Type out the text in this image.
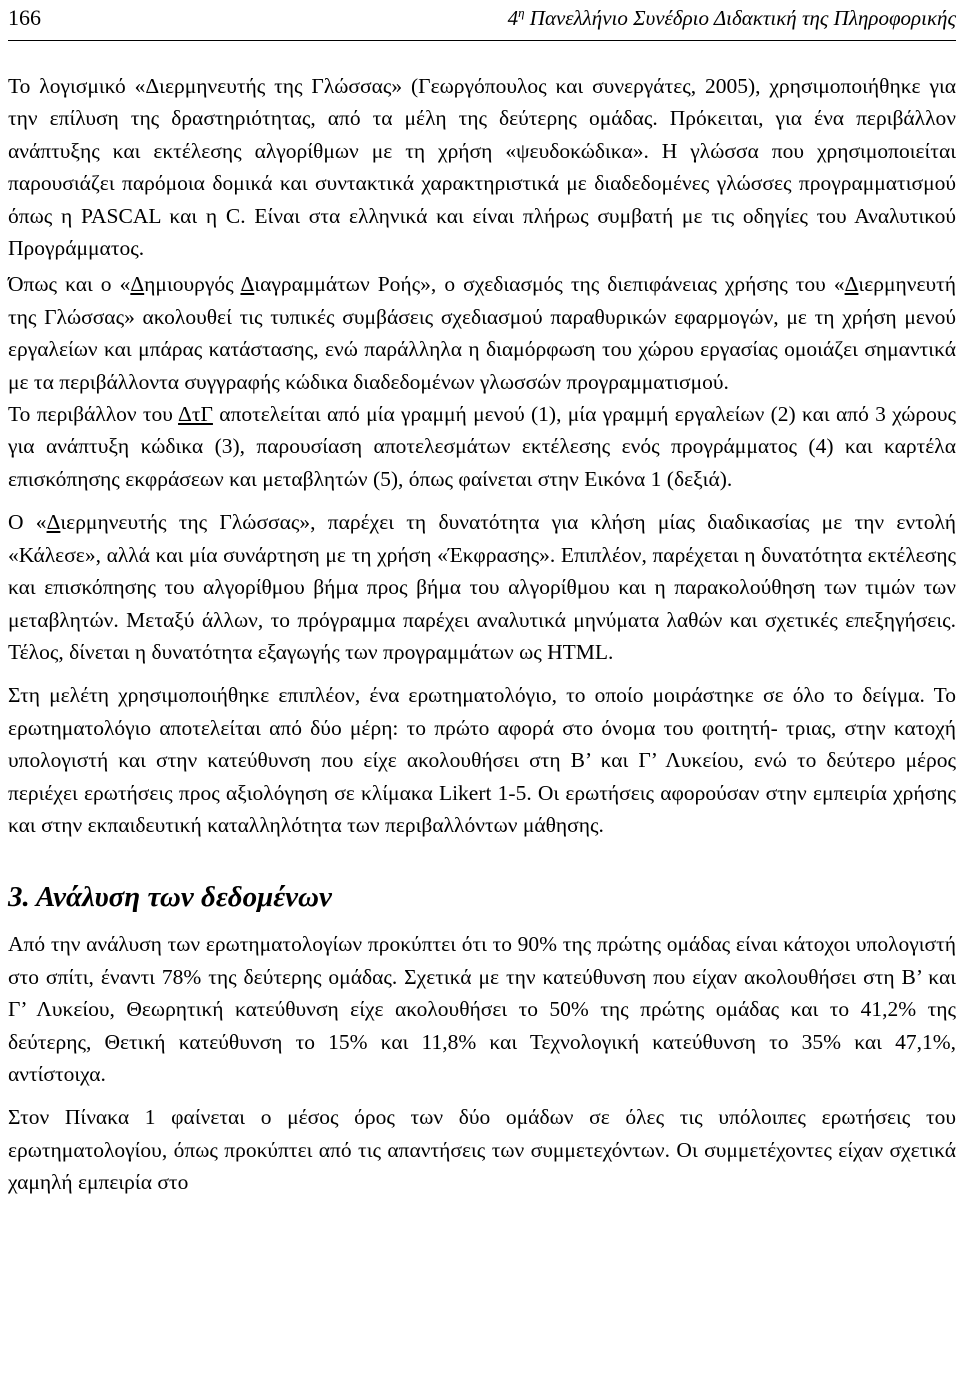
166	$4^\eta$ Πανελλήνιο Συνέδριο Διδακτική της Πληροφορικής

Το λογισμικό «Διερμηνευτής της Γλώσσας» (Γεωργόπουλος και συνεργάτες, 2005), χρησιμοποιήθηκε για την επίλυση της δραστηριότητας, από τα μέλη της δεύτερης ομάδας. Πρόκειται, για ένα περιβάλλον ανάπτυξης και εκτέλεσης αλγορίθμων με τη χρήση «ψευδοκώδικα». Η γλώσσα που χρησιμοποιείται παρουσιάζει παρόμοια δομικά και συντακτικά χαρακτηριστικά με διαδεδομένες γλώσσες προγραμματισμού όπως η PASCAL και η C. Είναι στα ελληνικά και είναι πλήρως συμβατή με τις οδηγίες του Αναλυτικού Προγράμματος.

Όπως και ο «Δημιουργός Διαγραμμάτων Ροής», ο σχεδιασμός της διεπιφάνειας χρήσης του «Διερμηνευτή της Γλώσσας» ακολουθεί τις τυπικές συμβάσεις σχεδιασμού παραθυρικών εφαρμογών, με τη χρήση μενού εργαλείων και μπάρας κατάστασης, ενώ παράλληλα η διαμόρφωση του χώρου εργασίας ομοιάζει σημαντικά με τα περιβάλλοντα συγγραφής κώδικα διαδεδομένων γλωσσών προγραμματισμού.

Το περιβάλλον του ΔτΓ αποτελείται από μία γραμμή μενού (1), μία γραμμή εργαλείων (2) και από 3 χώρους για ανάπτυξη κώδικα (3), παρουσίαση αποτελεσμάτων εκτέλεσης ενός προγράμματος (4) και καρτέλα επισκόπησης εκφράσεων και μεταβλητών (5), όπως φαίνεται στην Εικόνα 1 (δεξιά).

Ο «Διερμηνευτής της Γλώσσας», παρέχει τη δυνατότητα για κλήση μίας διαδικασίας με την εντολή «Κάλεσε», αλλά και μία συνάρτηση με τη χρήση «Έκφρασης». Επιπλέον, παρέχεται η δυνατότητα εκτέλεσης και επισκόπησης του αλγορίθμου βήμα προς βήμα του αλγορίθμου και η παρακολούθηση των τιμών των μεταβλητών. Μεταξύ άλλων, το πρόγραμμα παρέχει αναλυτικά μηνύματα λαθών και σχετικές επεξηγήσεις. Τέλος, δίνεται η δυνατότητα εξαγωγής των προγραμμάτων ως HTML.

Στη μελέτη χρησιμοποιήθηκε επιπλέον, ένα ερωτηματολόγιο, το οποίο μοιράστηκε σε όλο το δείγμα. Το ερωτηματολόγιο αποτελείται από δύο μέρη: το πρώτο αφορά στο όνομα του φοιτητή- τριας, στην κατοχή υπολογιστή και στην κατεύθυνση που είχε ακολουθήσει στη Β’ και Γ’ Λυκείου, ενώ το δεύτερο μέρος περιέχει ερωτήσεις προς αξιολόγηση σε κλίμακα Likert 1-5. Οι ερωτήσεις αφορούσαν στην εμπειρία χρήσης και στην εκπαιδευτική καταλληλότητα των περιβαλλόντων μάθησης.

3. Ανάλυση των δεδομένων

Από την ανάλυση των ερωτηματολογίων προκύπτει ότι το 90% της πρώτης ομάδας είναι κάτοχοι υπολογιστή στο σπίτι, έναντι 78% της δεύτερης ομάδας. Σχετικά με την κατεύθυνση που είχαν ακολουθήσει στη Β’ και Γ’ Λυκείου, Θεωρητική κατεύθυνση είχε ακολουθήσει το 50% της πρώτης ομάδας και το 41,2% της δεύτερης, Θετική κατεύθυνση το 15% και 11,8% και Τεχνολογική κατεύθυνση το 35% και 47,1%, αντίστοιχα.

Στον Πίνακα 1 φαίνεται ο μέσος όρος των δύο ομάδων σε όλες τις υπόλοιπες ερωτήσεις του ερωτηματολογίου, όπως προκύπτει από τις απαντήσεις των συμμετεχόντων. Οι συμμετέχοντες είχαν σχετικά χαμηλή εμπειρία στο
